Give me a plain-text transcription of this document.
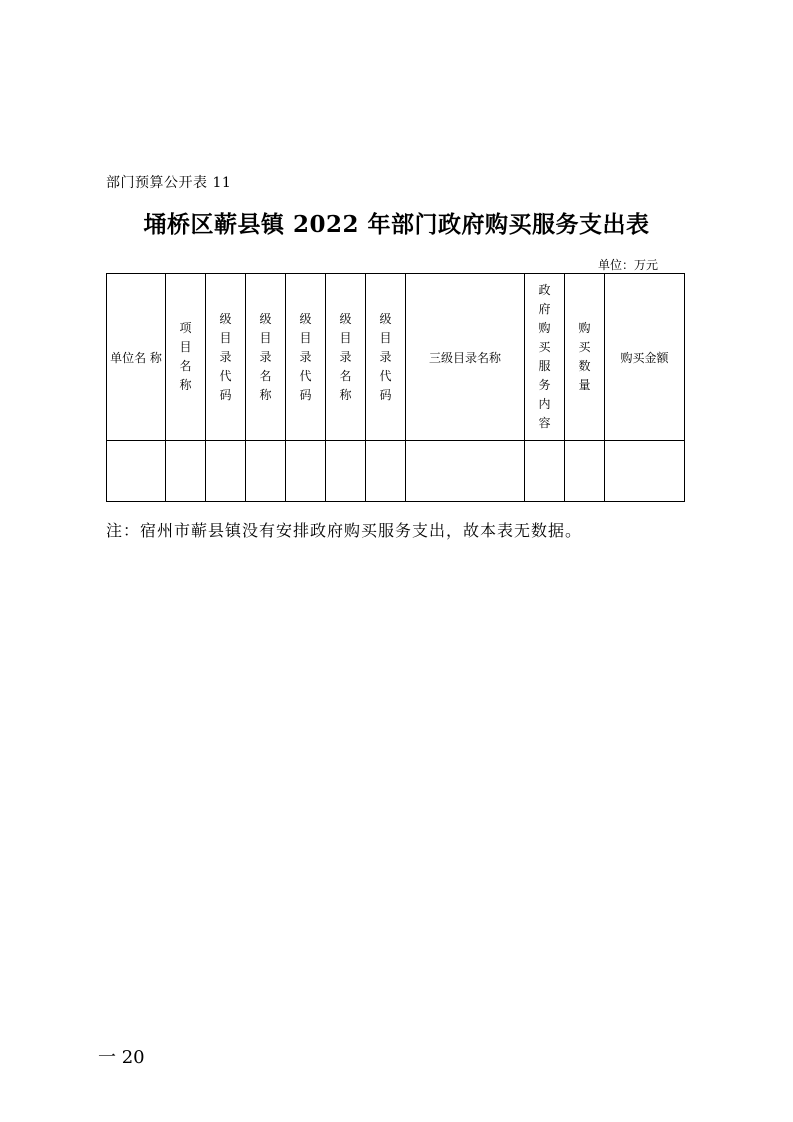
部门预算公开表 11
埇桥区蕲县镇 2022 年部门政府购买服务支出表
单位：万元
单位名 称	项目名称	级目录代码	级目录名称	级目录代码	级目录名称	级目录代码	三级目录名称	政府购买服务内容	购买数量	购买金额

注：宿州市蕲县镇没有安排政府购买服务支出，故本表无数据。
一 20
